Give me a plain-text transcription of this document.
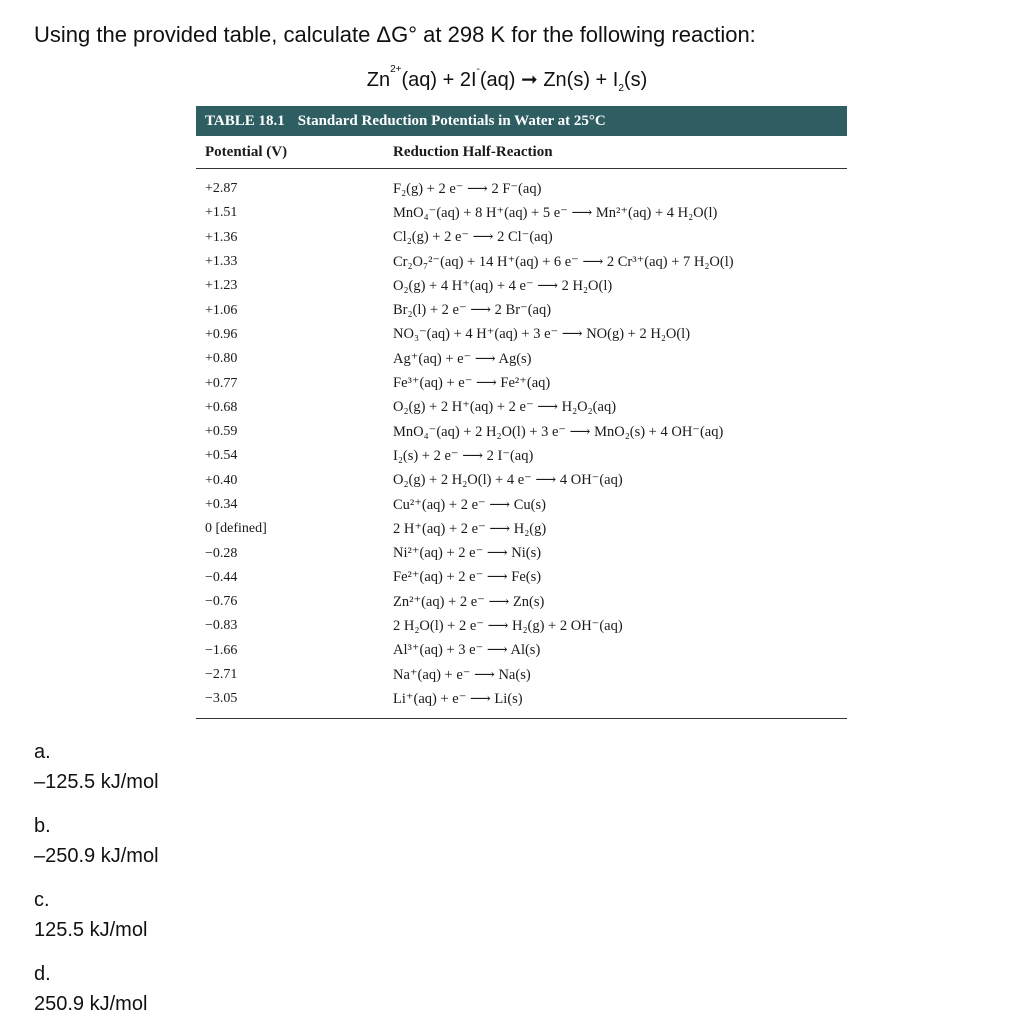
Using the provided table, calculate ΔG° at 298 K for the following reaction:
$Zn^{2+}(aq) + 2I^-(aq)$ ➞ $Zn(s) + I_2(s)$
TABLE 18.1 Standard Reduction Potentials in Water at 25°C
Potential (V)	Reduction Half-Reaction
+2.87	F₂(g) + 2 e⁻ ⟶ 2 F⁻(aq)
+1.51	MnO₄⁻(aq) + 8 H⁺(aq) + 5 e⁻ ⟶ Mn²⁺(aq) + 4 H₂O(l)
+1.36	Cl₂(g) + 2 e⁻ ⟶ 2 Cl⁻(aq)
+1.33	Cr₂O₇²⁻(aq) + 14 H⁺(aq) + 6 e⁻ ⟶ 2 Cr³⁺(aq) + 7 H₂O(l)
+1.23	O₂(g) + 4 H⁺(aq) + 4 e⁻ ⟶ 2 H₂O(l)
+1.06	Br₂(l) + 2 e⁻ ⟶ 2 Br⁻(aq)
+0.96	NO₃⁻(aq) + 4 H⁺(aq) + 3 e⁻ ⟶ NO(g) + 2 H₂O(l)
+0.80	Ag⁺(aq) + e⁻ ⟶ Ag(s)
+0.77	Fe³⁺(aq) + e⁻ ⟶ Fe²⁺(aq)
+0.68	O₂(g) + 2 H⁺(aq) + 2 e⁻ ⟶ H₂O₂(aq)
+0.59	MnO₄⁻(aq) + 2 H₂O(l) + 3 e⁻ ⟶ MnO₂(s) + 4 OH⁻(aq)
+0.54	I₂(s) + 2 e⁻ ⟶ 2 I⁻(aq)
+0.40	O₂(g) + 2 H₂O(l) + 4 e⁻ ⟶ 4 OH⁻(aq)
+0.34	Cu²⁺(aq) + 2 e⁻ ⟶ Cu(s)
0 [defined]	2 H⁺(aq) + 2 e⁻ ⟶ H₂(g)
−0.28	Ni²⁺(aq) + 2 e⁻ ⟶ Ni(s)
−0.44	Fe²⁺(aq) + 2 e⁻ ⟶ Fe(s)
−0.76	Zn²⁺(aq) + 2 e⁻ ⟶ Zn(s)
−0.83	2 H₂O(l) + 2 e⁻ ⟶ H₂(g) + 2 OH⁻(aq)
−1.66	Al³⁺(aq) + 3 e⁻ ⟶ Al(s)
−2.71	Na⁺(aq) + e⁻ ⟶ Na(s)
−3.05	Li⁺(aq) + e⁻ ⟶ Li(s)
a.
–125.5 kJ/mol
b.
–250.9 kJ/mol
c.
125.5 kJ/mol
d.
250.9 kJ/mol
